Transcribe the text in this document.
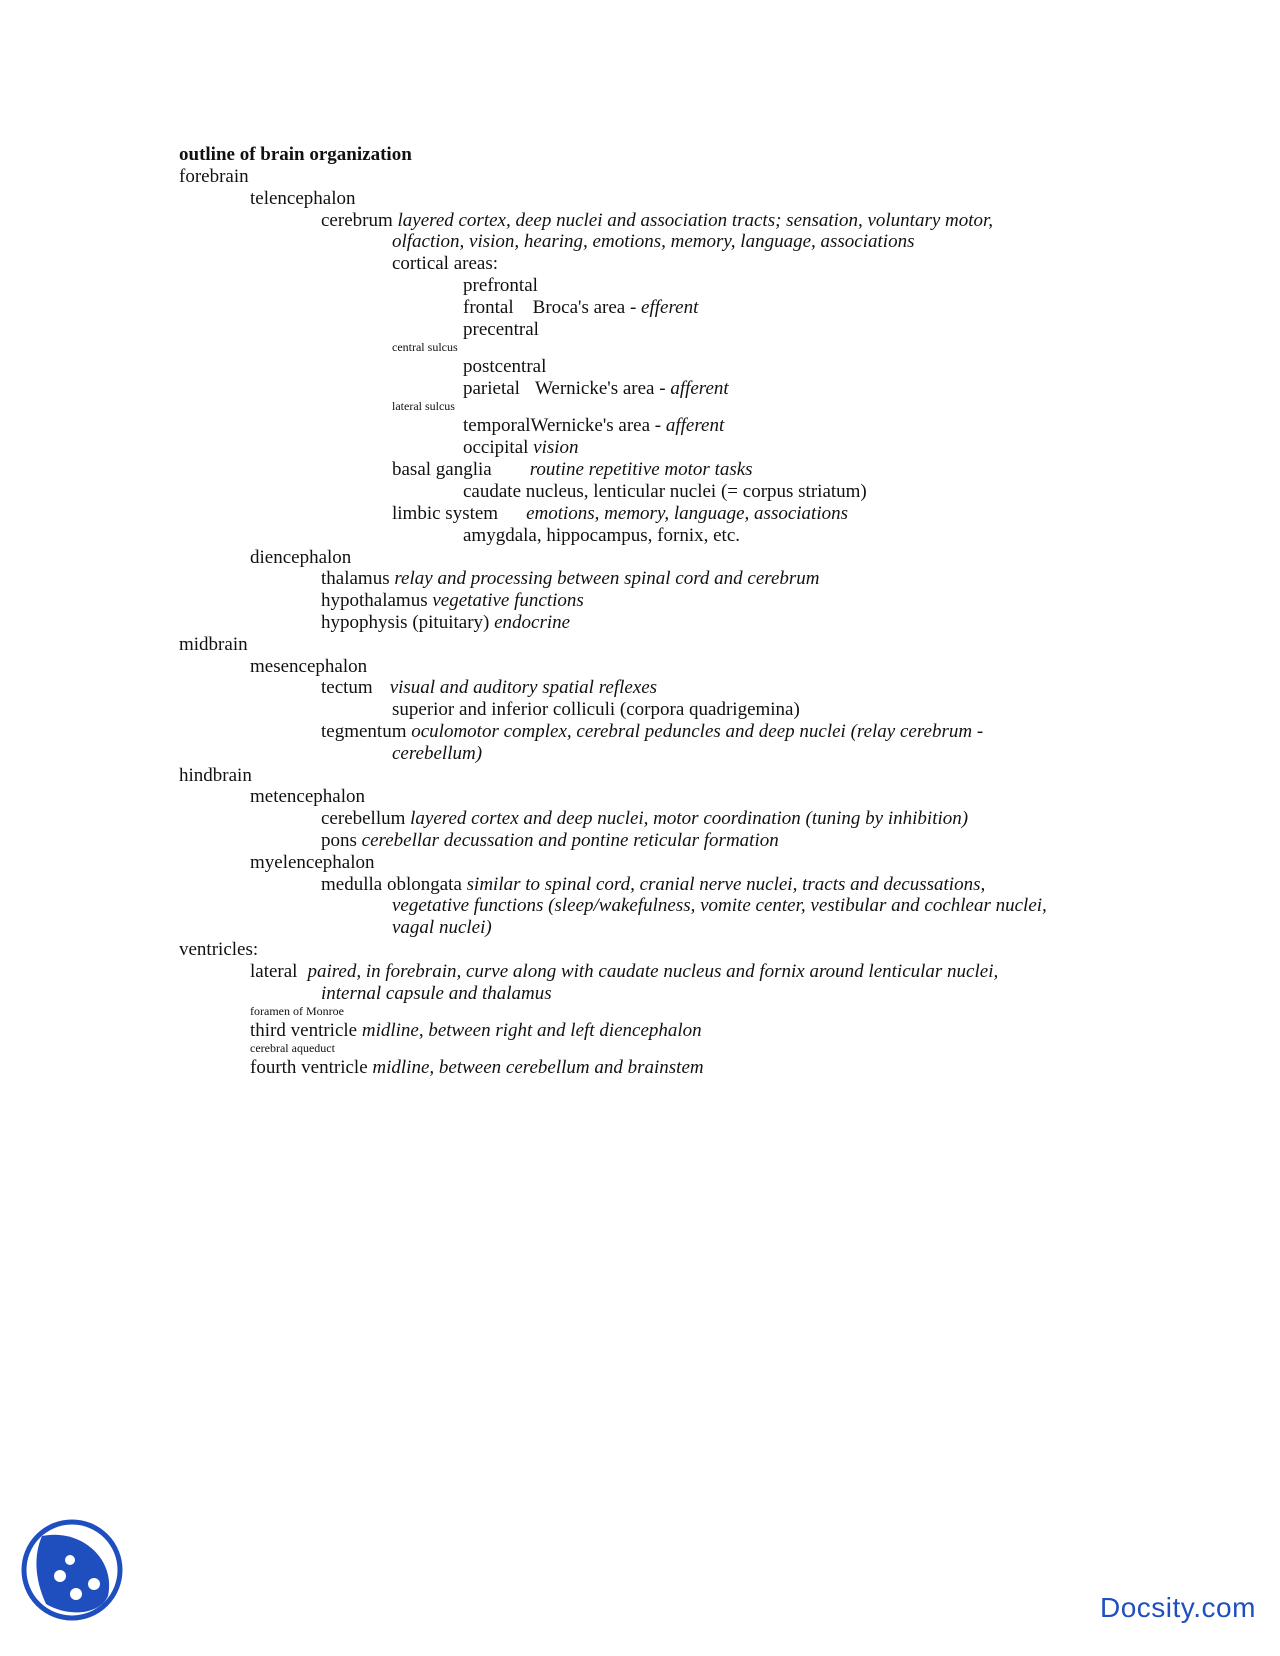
outline of brain organization
forebrain
telencephalon
cerebrum layered cortex, deep nuclei and association tracts; sensation, voluntary motor,
olfaction, vision, hearing, emotions, memory, language, associations
cortical areas:
prefrontal
frontal Broca's area - efferent
precentral
central sulcus
postcentral
parietal Wernicke's area - afferent
lateral sulcus
temporalWernicke's area - afferent
occipital vision
basal ganglia routine repetitive motor tasks
caudate nucleus, lenticular nuclei (= corpus striatum)
limbic system emotions, memory, language, associations
amygdala, hippocampus, fornix, etc.
diencephalon
thalamus relay and processing between spinal cord and cerebrum
hypothalamus vegetative functions
hypophysis (pituitary) endocrine
midbrain
mesencephalon
tectum visual and auditory spatial reflexes
superior and inferior colliculi (corpora quadrigemina)
tegmentum oculomotor complex, cerebral peduncles and deep nuclei (relay cerebrum -
cerebellum)
hindbrain
metencephalon
cerebellum layered cortex and deep nuclei, motor coordination (tuning by inhibition)
pons cerebellar decussation and pontine reticular formation
myelencephalon
medulla oblongata similar to spinal cord, cranial nerve nuclei, tracts and decussations,
vegetative functions (sleep/wakefulness, vomite center, vestibular and cochlear nuclei,
vagal nuclei)
ventricles:
lateral paired, in forebrain, curve along with caudate nucleus and fornix around lenticular nuclei,
internal capsule and thalamus
foramen of Monroe
third ventricle midline, between right and left diencephalon
cerebral aqueduct
fourth ventricle midline, between cerebellum and brainstem
Docsity.com
